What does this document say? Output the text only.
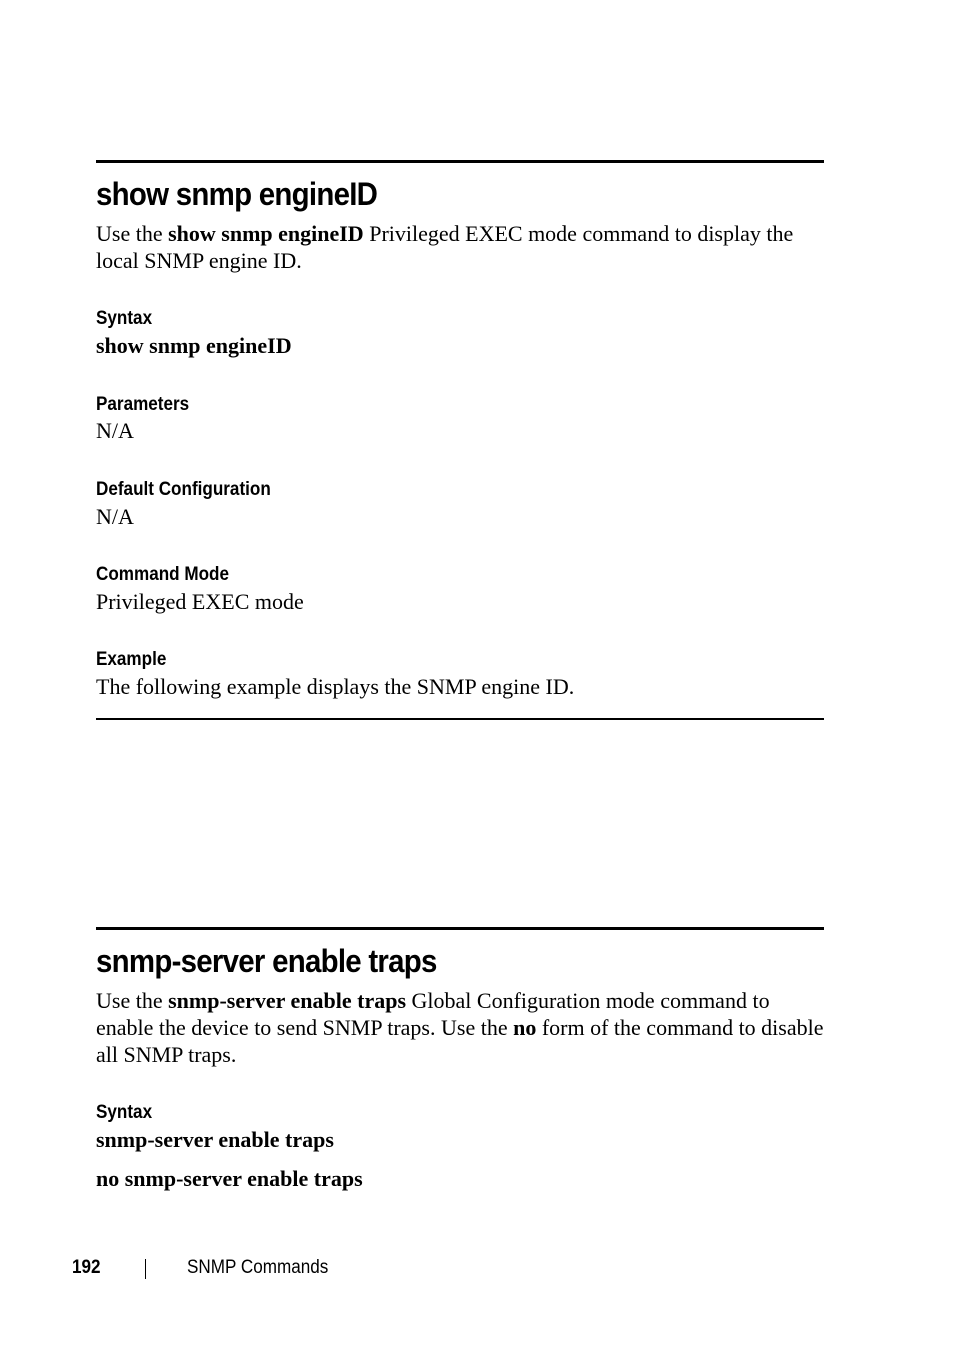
show snmp engineID

Use the show snmp engineID Privileged EXEC mode command to display the local SNMP engine ID.

Syntax
show snmp engineID
Parameters
N/A
Default Configuration
N/A
Command Mode
Privileged EXEC mode
Example
The following example displays the SNMP engine ID.
snmp-server enable traps

Use the snmp-server enable traps Global Configuration mode command to enable the device to send SNMP traps. Use the no form of the command to disable all SNMP traps.

Syntax
snmp-server enable traps
no snmp-server enable traps
192	SNMP Commands
